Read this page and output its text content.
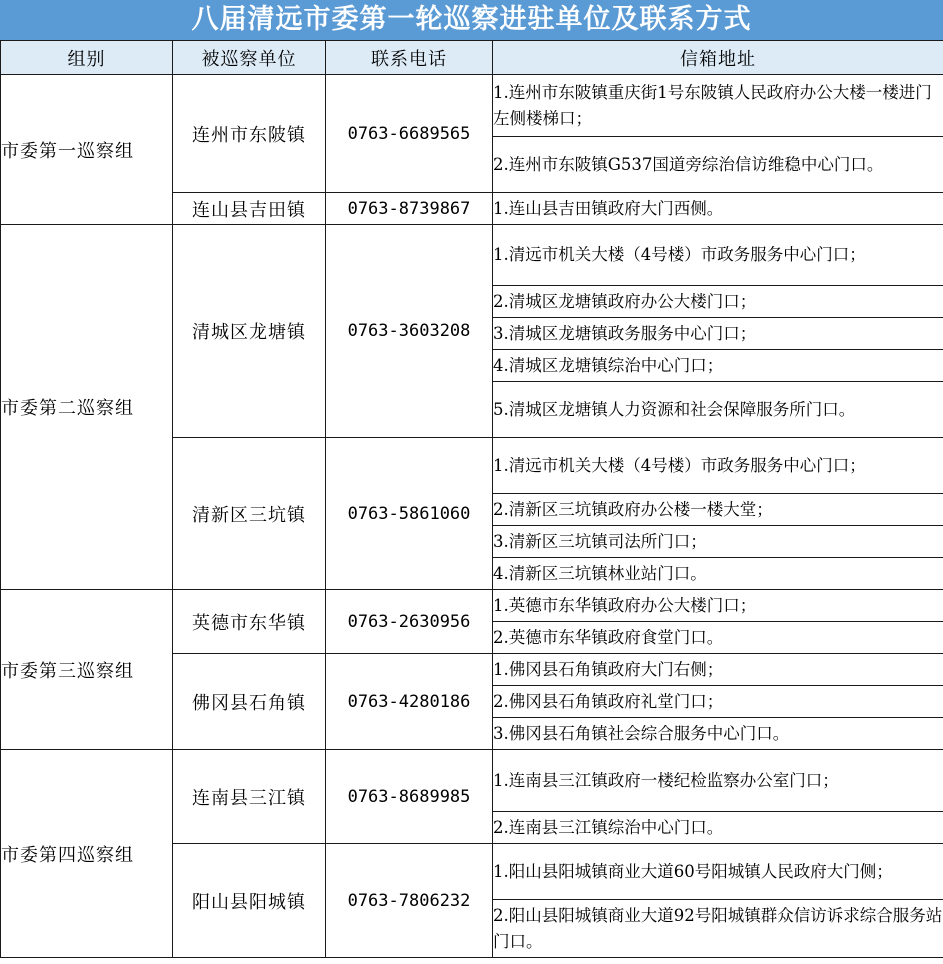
八届清远市委第一轮巡察进驻单位及联系方式
组别	被巡察单位	联系电话	信箱地址
市委第一巡察组	连州市东陂镇	0763-6689565	1.连州市东陂镇重庆街1号东陂镇人民政府办公大楼一楼进门左侧楼梯口；
			2.连州市东陂镇G537国道旁综治信访维稳中心门口。
	连山县吉田镇	0763-8739867	1.连山县吉田镇政府大门西侧。
市委第二巡察组	清城区龙塘镇	0763-3603208	1.清远市机关大楼（4号楼）市政务服务中心门口；
			2.清城区龙塘镇政府办公大楼门口；
			3.清城区龙塘镇政务服务中心门口；
			4.清城区龙塘镇综治中心门口；
			5.清城区龙塘镇人力资源和社会保障服务所门口。
	清新区三坑镇	0763-5861060	1.清远市机关大楼（4号楼）市政务服务中心门口；
			2.清新区三坑镇政府办公楼一楼大堂；
			3.清新区三坑镇司法所门口；
			4.清新区三坑镇林业站门口。
市委第三巡察组	英德市东华镇	0763-2630956	1.英德市东华镇政府办公大楼门口；
			2.英德市东华镇政府食堂门口。
	佛冈县石角镇	0763-4280186	1.佛冈县石角镇政府大门右侧；
			2.佛冈县石角镇政府礼堂门口；
			3.佛冈县石角镇社会综合服务中心门口。
市委第四巡察组	连南县三江镇	0763-8689985	1.连南县三江镇政府一楼纪检监察办公室门口；
			2.连南县三江镇综治中心门口。
	阳山县阳城镇	0763-7806232	1.阳山县阳城镇商业大道60号阳城镇人民政府大门侧；
			2.阳山县阳城镇商业大道92号阳城镇群众信访诉求综合服务站门口。
